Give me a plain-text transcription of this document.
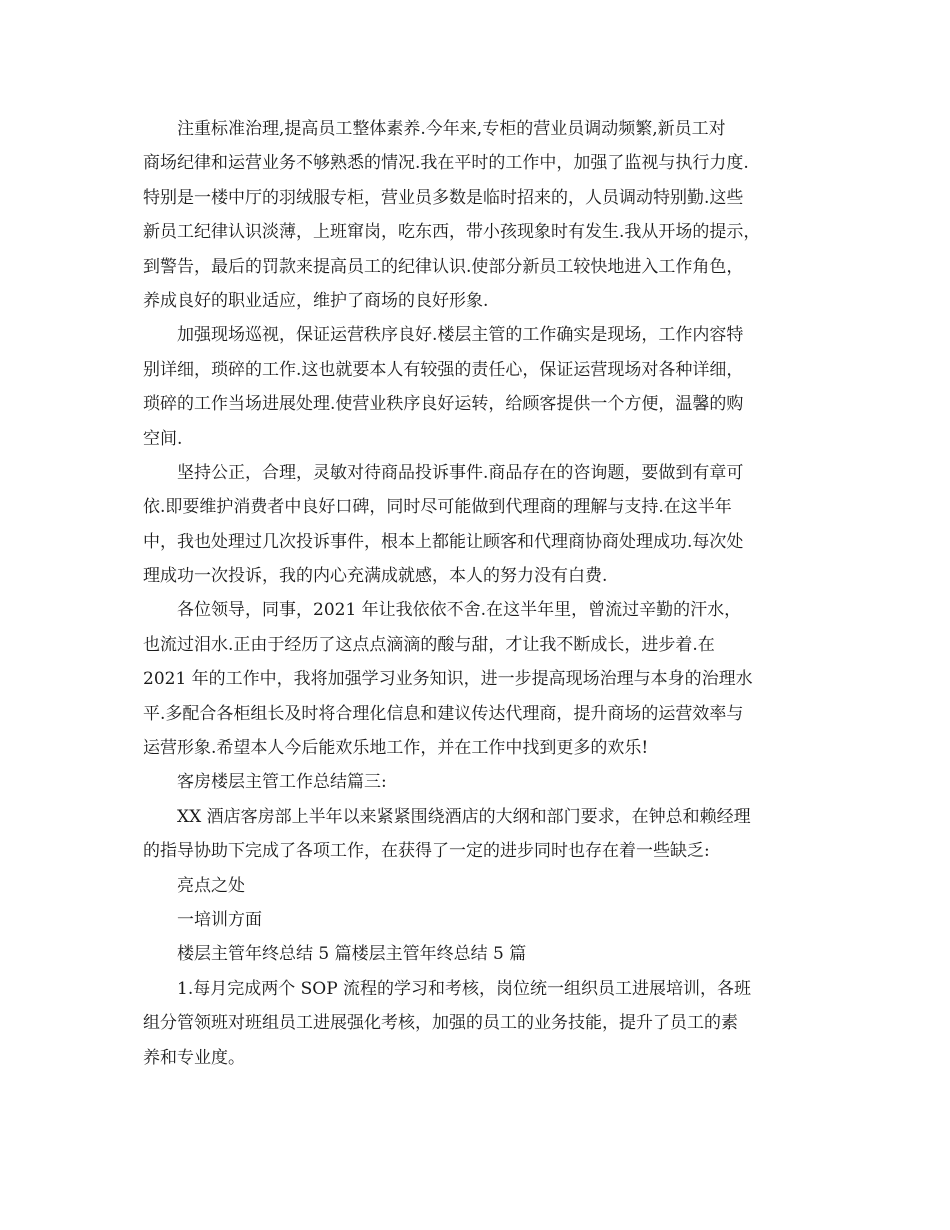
注重标准治理,提高员工整体素养.今年来,专柜的营业员调动频繁,新员工对
商场纪律和运营业务不够熟悉的情况.我在平时的工作中，加强了监视与执行力度.
特别是一楼中厅的羽绒服专柜，营业员多数是临时招来的，人员调动特别勤.这些
新员工纪律认识淡薄，上班窜岗，吃东西，带小孩现象时有发生.我从开场的提示，
到警告，最后的罚款来提高员工的纪律认识.使部分新员工较快地进入工作角色，
养成良好的职业适应，维护了商场的良好形象.
加强现场巡视，保证运营秩序良好.楼层主管的工作确实是现场，工作内容特
别详细，琐碎的工作.这也就要本人有较强的责任心，保证运营现场对各种详细，
琐碎的工作当场进展处理.使营业秩序良好运转，给顾客提供一个方便，温馨的购
空间.
坚持公正，合理，灵敏对待商品投诉事件.商品存在的咨询题，要做到有章可
依.即要维护消费者中良好口碑，同时尽可能做到代理商的理解与支持.在这半年
中，我也处理过几次投诉事件，根本上都能让顾客和代理商协商处理成功.每次处
理成功一次投诉，我的内心充满成就感，本人的努力没有白费.
各位领导，同事，2021 年让我依依不舍.在这半年里，曾流过辛勤的汗水，
也流过泪水.正由于经历了这点点滴滴的酸与甜，才让我不断成长，进步着.在
2021 年的工作中，我将加强学习业务知识，进一步提高现场治理与本身的治理水
平.多配合各柜组长及时将合理化信息和建议传达代理商，提升商场的运营效率与
运营形象.希望本人今后能欢乐地工作，并在工作中找到更多的欢乐!
客房楼层主管工作总结篇三:
XX 酒店客房部上半年以来紧紧围绕酒店的大纲和部门要求，在钟总和赖经理
的指导协助下完成了各项工作，在获得了一定的进步同时也存在着一些缺乏:
亮点之处
一培训方面
楼层主管年终总结 5 篇楼层主管年终总结 5 篇
1.每月完成两个 SOP 流程的学习和考核，岗位统一组织员工进展培训，各班
组分管领班对班组员工进展强化考核，加强的员工的业务技能，提升了员工的素
养和专业度。
